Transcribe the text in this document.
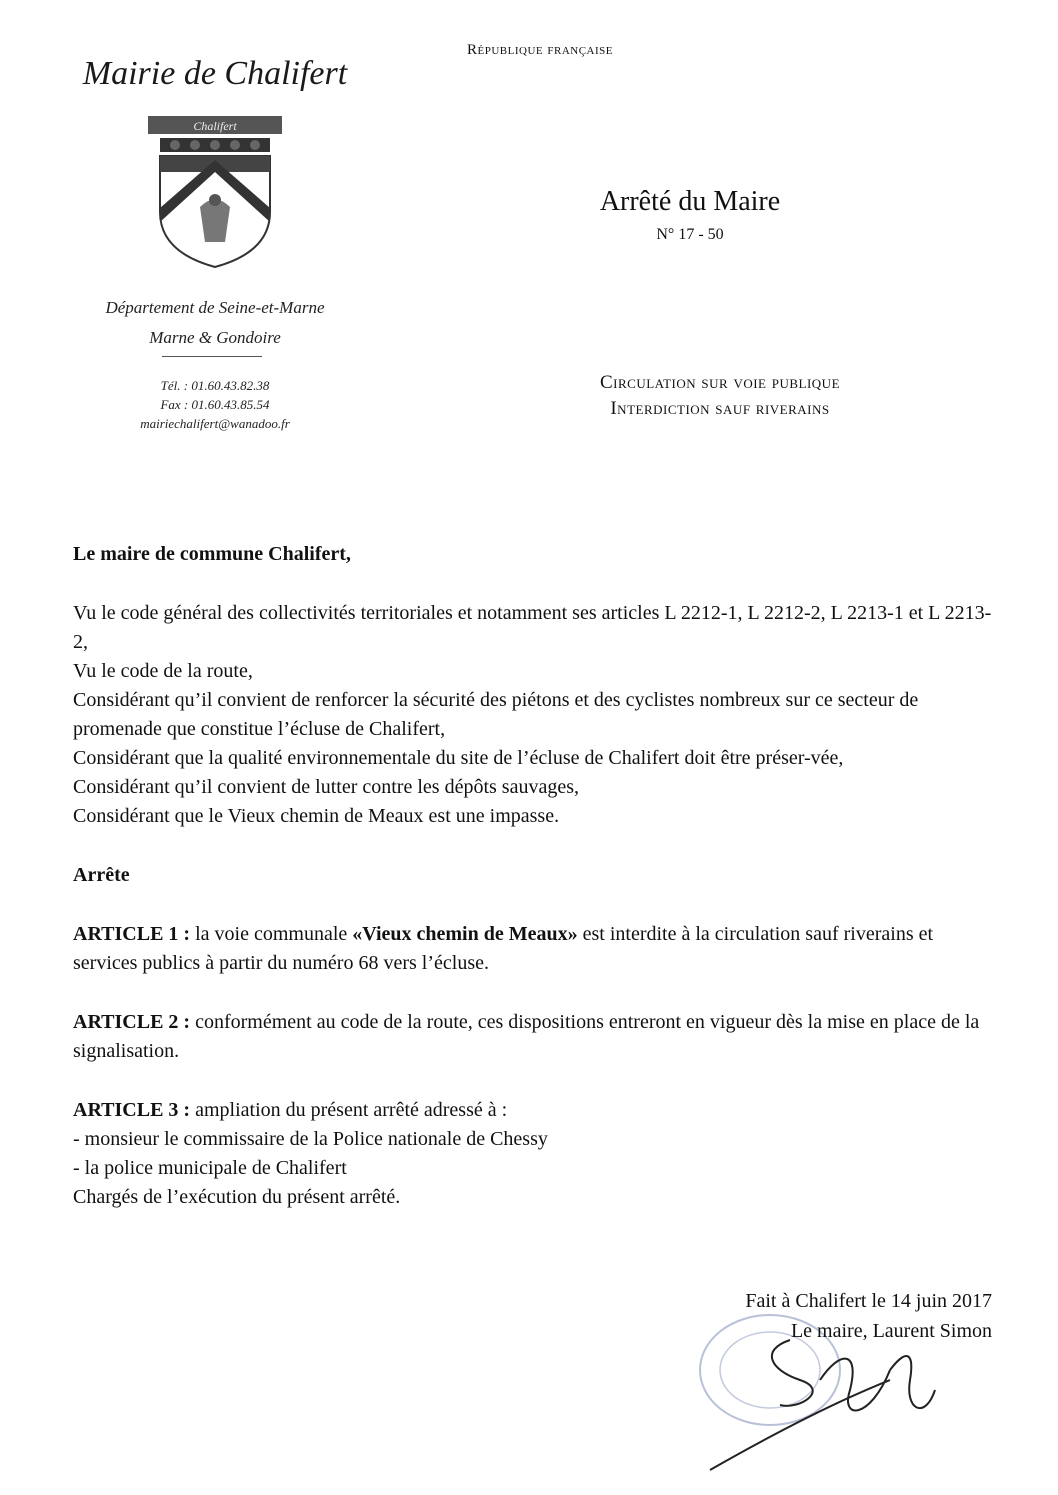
République française
Mairie de Chalifert
Chalifert
Département de Seine-et-Marne
Marne & Gondoire
Tél. : 01.60.43.82.38
Fax : 01.60.43.85.54
mairiechalifert@wanadoo.fr
Arrêté du Maire
N° 17 - 50
Circulation sur voie publique
Interdiction sauf riverains

Le maire de commune Chalifert,

Vu le code général des collectivités territoriales et notamment ses articles L 2212-1, L 2212-2, L 2213-1 et L 2213-2,

Vu le code de la route,

Considérant qu’il convient de renforcer la sécurité des piétons et des cyclistes nombreux sur ce secteur de promenade que constitue l’écluse de Chalifert,

Considérant que la qualité environnementale du site de l’écluse de Chalifert doit être préser-vée,

Considérant qu’il convient de lutter contre les dépôts sauvages,

Considérant que le Vieux chemin de Meaux est une impasse.

Arrête

ARTICLE 1 : la voie communale «Vieux chemin de Meaux» est interdite à la circulation sauf riverains et services publics à partir du numéro 68 vers l’écluse.

ARTICLE 2 : conformément au code de la route, ces dispositions entreront en vigueur dès la mise en place de la signalisation.

ARTICLE 3 : ampliation du présent arrêté adressé à :

- monsieur le commissaire de la Police nationale de Chessy

- la police municipale de Chalifert

Chargés de l’exécution du présent arrêté.

Fait à Chalifert le 14 juin 2017
Le maire, Laurent Simon
